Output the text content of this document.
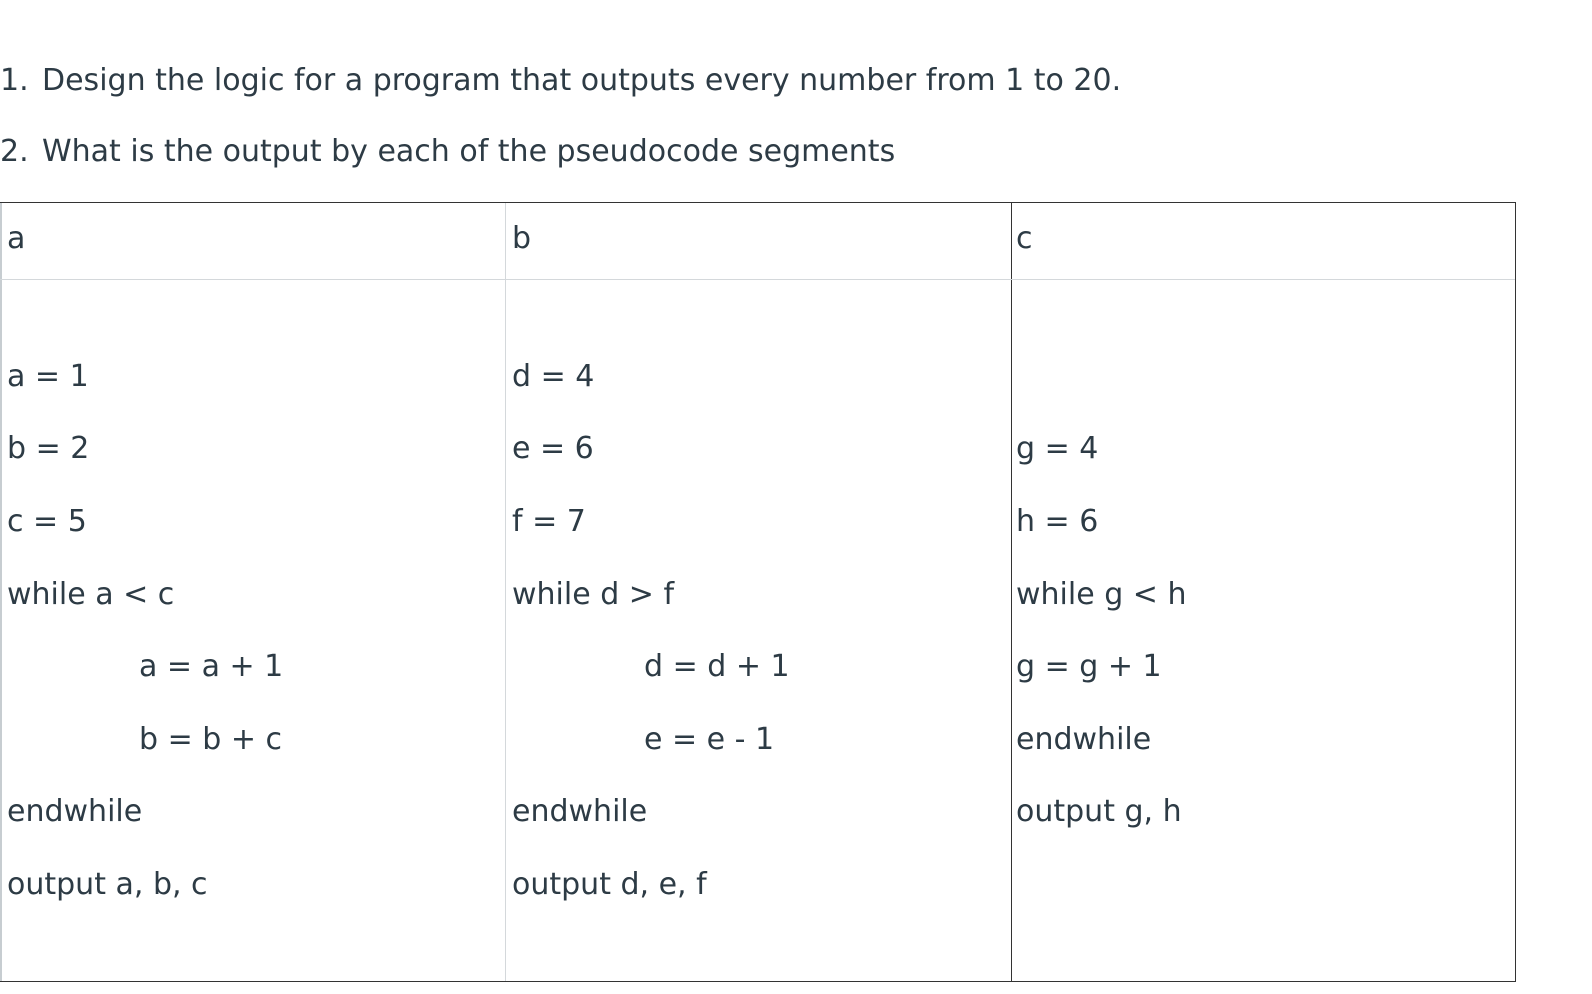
1. Design the logic for a program that outputs every number from 1 to 20.
2. What is the output by each of the pseudocode segments
a	b	c
a = 1
b = 2
c = 5
while a < c
a = a + 1
b = b + c
endwhile
output a, b, c
d = 4
e = 6
f = 7
while d > f
d = d + 1
e = e - 1
endwhile
output d, e, f
g = 4
h = 6
while g < h
g = g + 1
endwhile
output g, h
